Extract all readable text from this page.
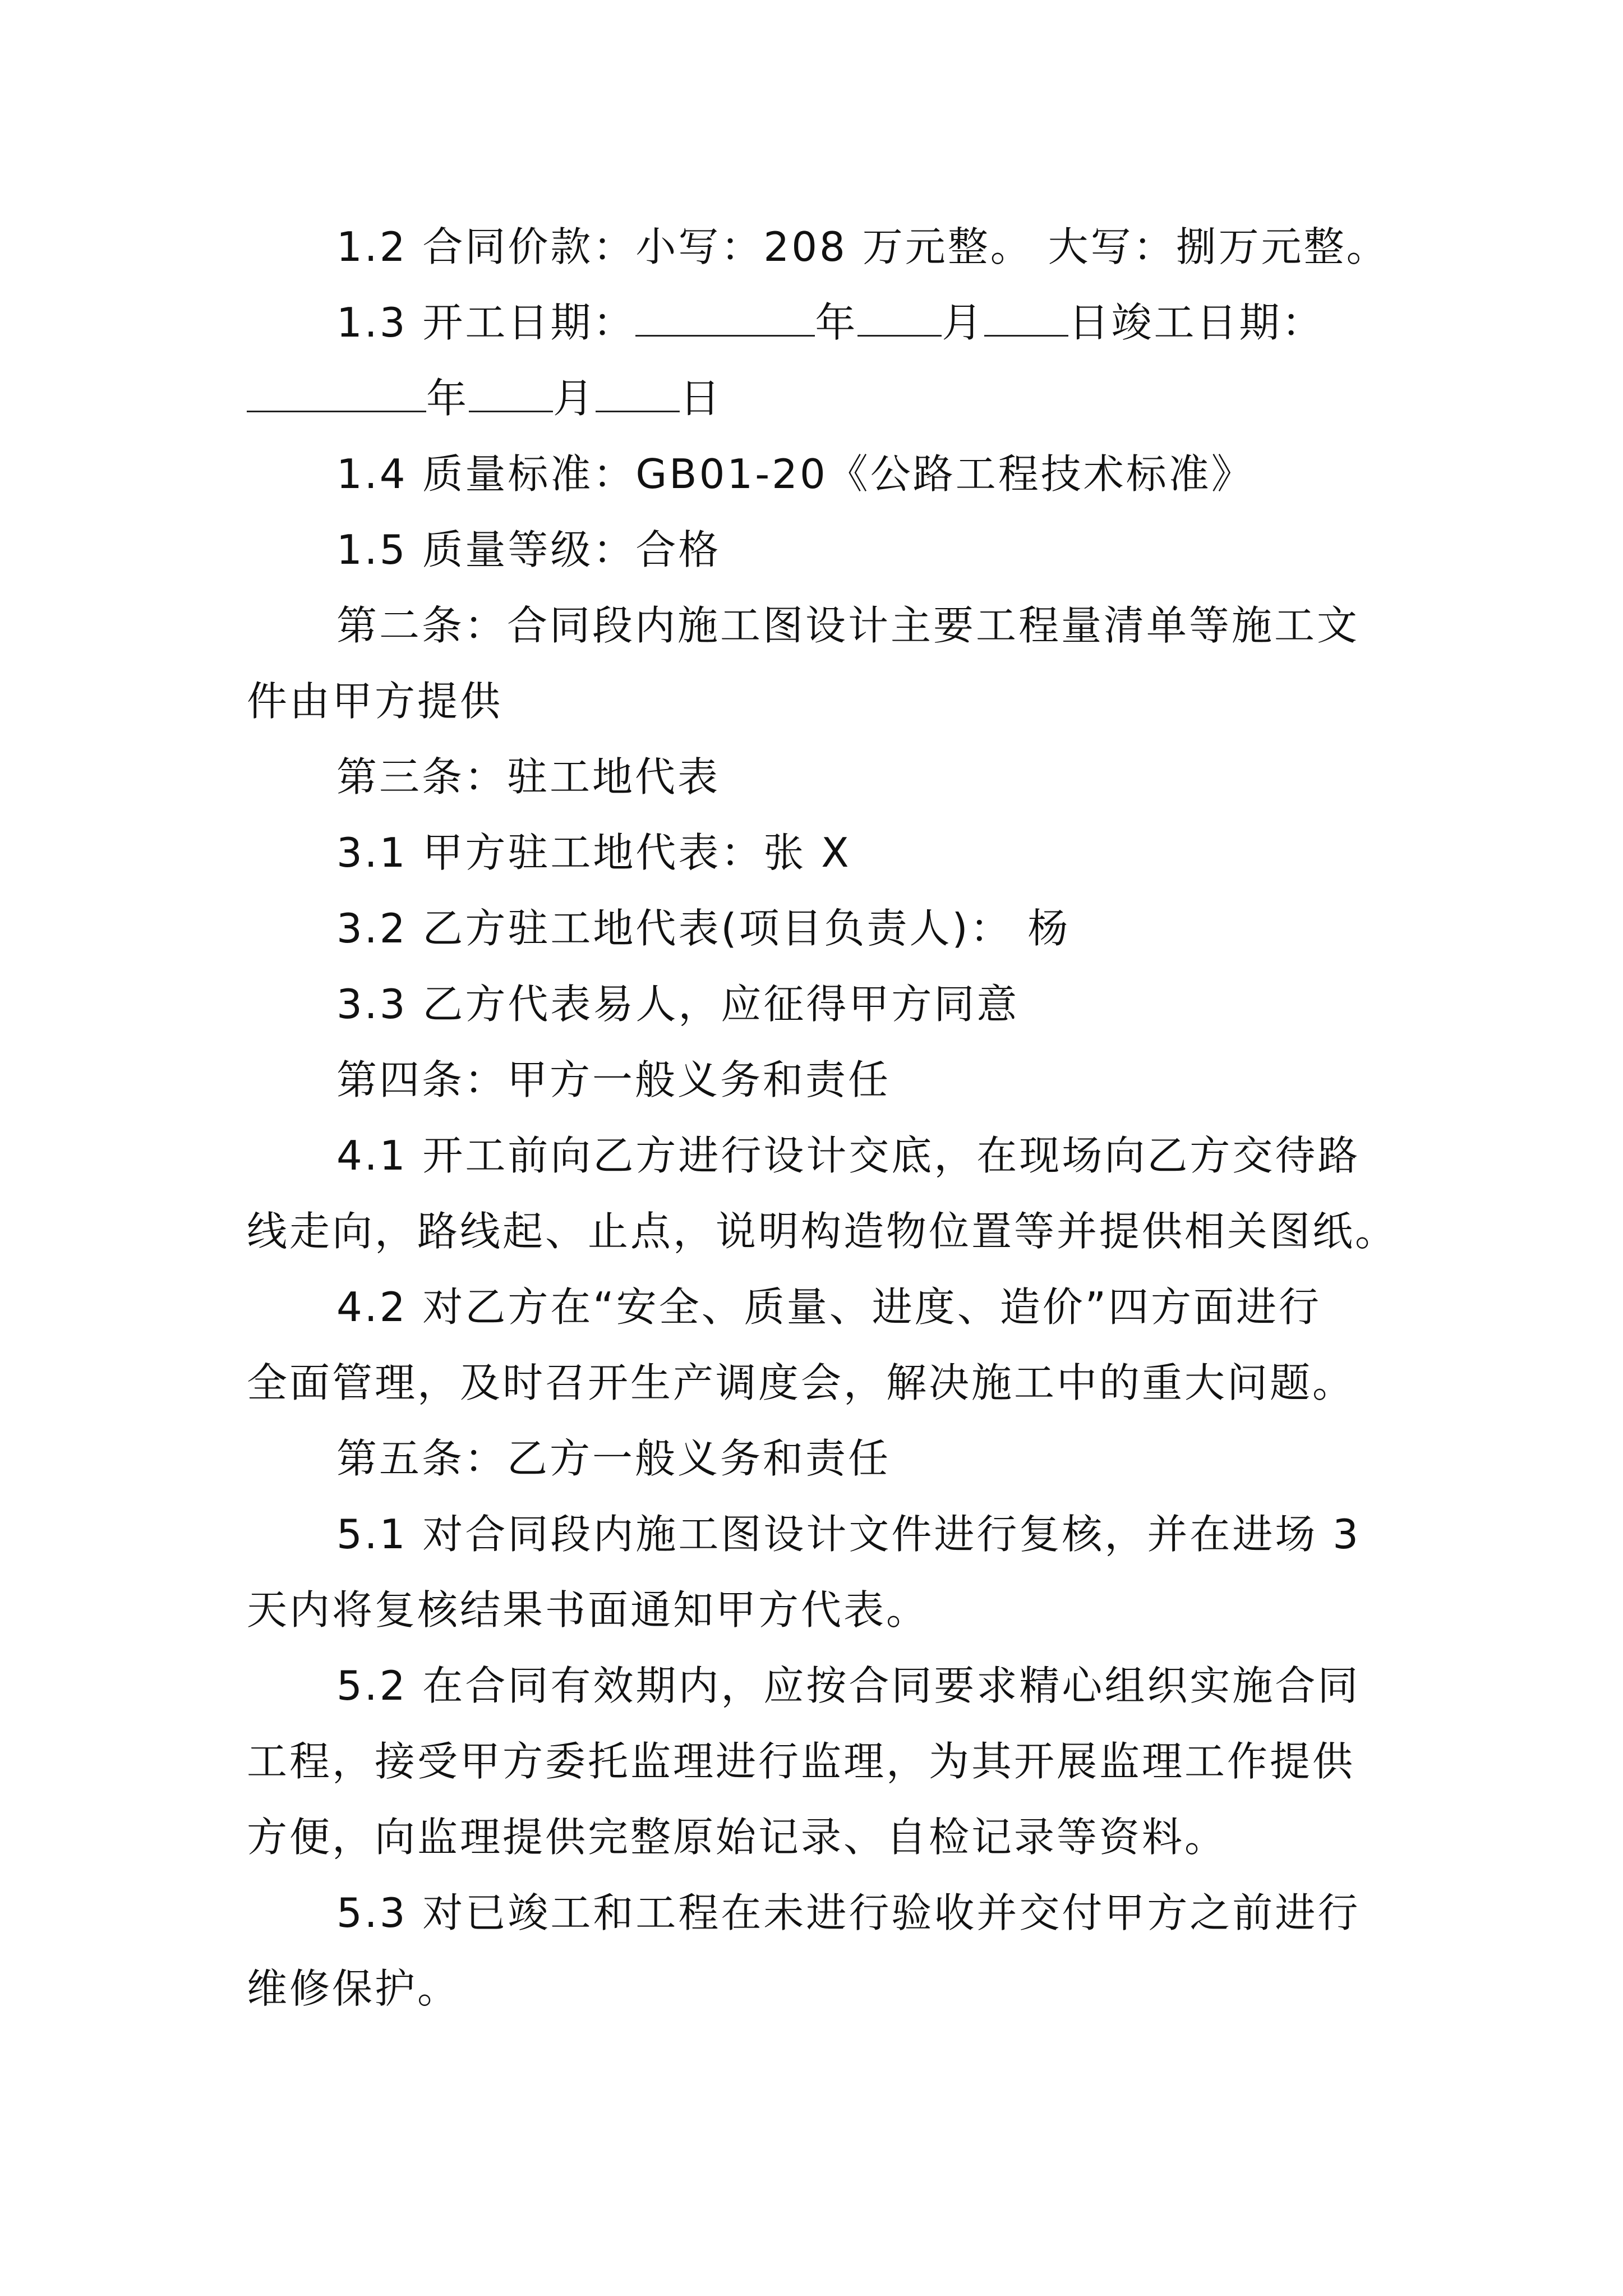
1.2 合同价款：小写：208 万元整。 大写：捌万元整。
1.3 开工日期：	年 月 日竣工日期：
年 月 日
1.4 质量标准：GB01-20《公路工程技术标准》
1.5 质量等级：合格
第二条：合同段内施工图设计主要工程量清单等施工文
件由甲方提供
第三条：驻工地代表
3.1 甲方驻工地代表：张 X
3.2 乙方驻工地代表(项目负责人)： 杨
3.3 乙方代表易人，应征得甲方同意
第四条：甲方一般义务和责任
4.1 开工前向乙方进行设计交底，在现场向乙方交待路
线走向，路线起、止点，说明构造物位置等并提供相关图纸。
4.2 对乙方在“安全、质量、进度、造价”四方面进行
全面管理，及时召开生产调度会，解决施工中的重大问题。
第五条：乙方一般义务和责任
5.1 对合同段内施工图设计文件进行复核，并在进场 3
天内将复核结果书面通知甲方代表。
5.2 在合同有效期内，应按合同要求精心组织实施合同
工程，接受甲方委托监理进行监理，为其开展监理工作提供
方便，向监理提供完整原始记录、自检记录等资料。
5.3 对已竣工和工程在未进行验收并交付甲方之前进行
维修保护。
